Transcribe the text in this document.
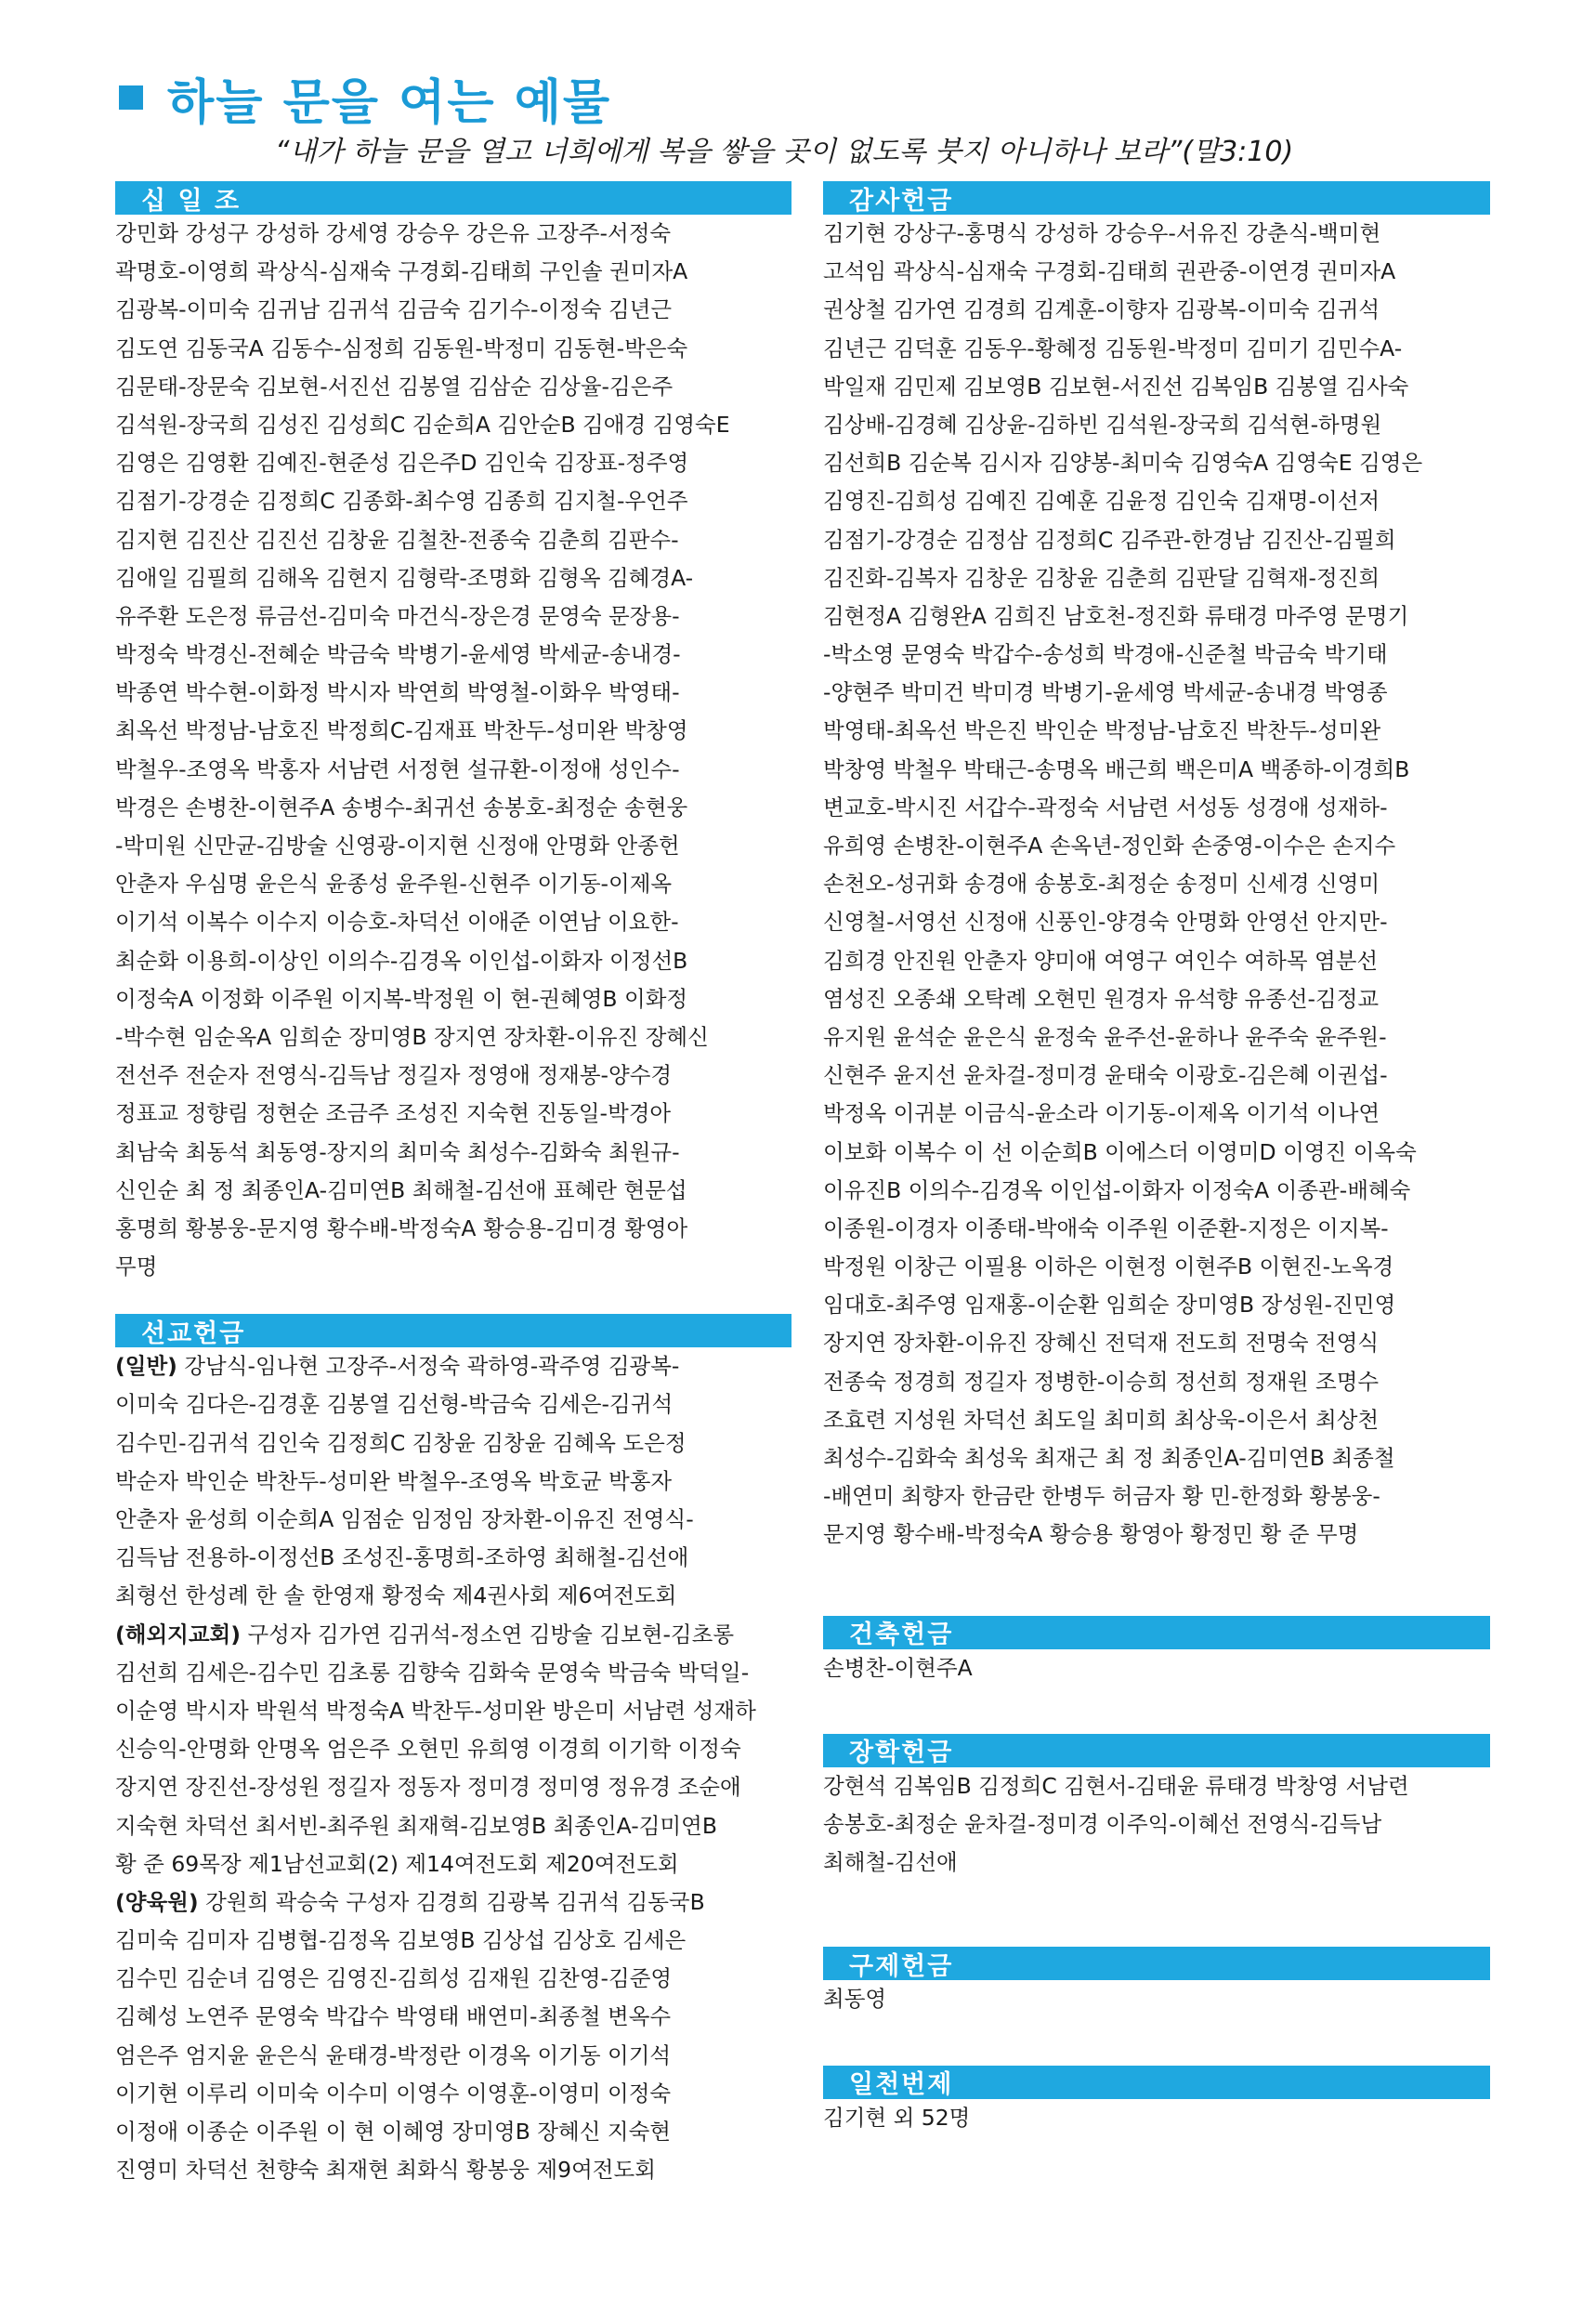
하늘 문을 여는 예물
“내가 하늘 문을 열고 너희에게 복을 쌓을 곳이 없도록 붓지 아니하나 보라”(말3:10)
십 일 조
강민화 강성구 강성하 강세영 강승우 강은유 고장주-서정숙
곽명호-이영희 곽상식-심재숙 구경회-김태희 구인솔 권미자A
김광복-이미숙 김귀남 김귀석 김금숙 김기수-이정숙 김년근
김도연 김동국A 김동수-심정희 김동원-박정미 김동현-박은숙
김문태-장문숙 김보현-서진선 김봉열 김삼순 김상율-김은주
김석원-장국희 김성진 김성희C 김순희A 김안순B 김애경 김영숙E
김영은 김영환 김예진-현준성 김은주D 김인숙 김장표-정주영
김점기-강경순 김정희C 김종화-최수영 김종희 김지철-우언주
김지현 김진산 김진선 김창윤 김철찬-전종숙 김춘희 김판수-
김애일 김필희 김해옥 김현지 김형락-조명화 김형옥 김혜경A-
유주환 도은정 류금선-김미숙 마건식-장은경 문영숙 문장용-
박정숙 박경신-전혜순 박금숙 박병기-윤세영 박세균-송내경-
박종연 박수현-이화정 박시자 박연희 박영철-이화우 박영태-
최옥선 박정남-남호진 박정희C-김재표 박찬두-성미완 박창영
박철우-조영옥 박홍자 서남련 서정현 설규환-이정애 성인수-
박경은 손병찬-이현주A 송병수-최귀선 송봉호-최정순 송현웅
-박미원 신만균-김방술 신영광-이지현 신정애 안명화 안종헌
안춘자 우심명 윤은식 윤종성 윤주원-신현주 이기동-이제옥
이기석 이복수 이수지 이승호-차덕선 이애준 이연남 이요한-
최순화 이용희-이상인 이의수-김경옥 이인섭-이화자 이정선B
이정숙A 이정화 이주원 이지복-박정원 이 현-권혜영B 이화정
-박수현 임순옥A 임희순 장미영B 장지연 장차환-이유진 장혜신
전선주 전순자 전영식-김득남 정길자 정영애 정재봉-양수경
정표교 정향림 정현순 조금주 조성진 지숙현 진동일-박경아
최남숙 최동석 최동영-장지의 최미숙 최성수-김화숙 최원규-
신인순 최 정 최종인A-김미연B 최해철-김선애 표혜란 현문섭
홍명희 황봉웅-문지영 황수배-박정숙A 황승용-김미경 황영아
무명
선교헌금
(일반) 강남식-임나현 고장주-서정숙 곽하영-곽주영 김광복-
이미숙 김다은-김경훈 김봉열 김선형-박금숙 김세은-김귀석
김수민-김귀석 김인숙 김정희C 김창윤 김창윤 김혜옥 도은정
박순자 박인순 박찬두-성미완 박철우-조영옥 박호균 박홍자
안춘자 윤성희 이순희A 임점순 임정임 장차환-이유진 전영식-
김득남 전용하-이정선B 조성진-홍명희-조하영 최해철-김선애
최형선 한성례 한 솔 한영재 황정숙 제4권사회 제6여전도회
(해외지교회) 구성자 김가연 김귀석-정소연 김방술 김보현-김초롱
김선희 김세은-김수민 김초롱 김향숙 김화숙 문영숙 박금숙 박덕일-
이순영 박시자 박원석 박정숙A 박찬두-성미완 방은미 서남련 성재하
신승익-안명화 안명옥 엄은주 오현민 유희영 이경희 이기학 이정숙
장지연 장진선-장성원 정길자 정동자 정미경 정미영 정유경 조순애
지숙현 차덕선 최서빈-최주원 최재혁-김보영B 최종인A-김미연B
황 준 69목장 제1남선교회(2) 제14여전도회 제20여전도회
(양육원) 강원희 곽승숙 구성자 김경희 김광복 김귀석 김동국B
김미숙 김미자 김병협-김정옥 김보영B 김상섭 김상호 김세은
김수민 김순녀 김영은 김영진-김희성 김재원 김찬영-김준영
김혜성 노연주 문영숙 박갑수 박영태 배연미-최종철 변옥수
엄은주 엄지윤 윤은식 윤태경-박정란 이경옥 이기동 이기석
이기현 이루리 이미숙 이수미 이영수 이영훈-이영미 이정숙
이정애 이종순 이주원 이 현 이혜영 장미영B 장혜신 지숙현
진영미 차덕선 천향숙 최재현 최화식 황봉웅 제9여전도회
감사헌금
김기현 강상구-홍명식 강성하 강승우-서유진 강춘식-백미현
고석임 곽상식-심재숙 구경회-김태희 권관중-이연경 권미자A
권상철 김가연 김경희 김계훈-이향자 김광복-이미숙 김귀석
김년근 김덕훈 김동우-황혜정 김동원-박정미 김미기 김민수A-
박일재 김민제 김보영B 김보현-서진선 김복임B 김봉열 김사숙
김상배-김경혜 김상윤-김하빈 김석원-장국희 김석현-하명원
김선희B 김순복 김시자 김양봉-최미숙 김영숙A 김영숙E 김영은
김영진-김희성 김예진 김예훈 김윤정 김인숙 김재명-이선저
김점기-강경순 김정삼 김정희C 김주관-한경남 김진산-김필희
김진화-김복자 김창운 김창윤 김춘희 김판달 김혁재-정진희
김현정A 김형완A 김희진 남호천-정진화 류태경 마주영 문명기
-박소영 문영숙 박갑수-송성희 박경애-신준철 박금숙 박기태
-양현주 박미건 박미경 박병기-윤세영 박세균-송내경 박영종
박영태-최옥선 박은진 박인순 박정남-남호진 박찬두-성미완
박창영 박철우 박태근-송명옥 배근희 백은미A 백종하-이경희B
변교호-박시진 서갑수-곽정숙 서남련 서성동 성경애 성재하-
유희영 손병찬-이현주A 손옥년-정인화 손중영-이수은 손지수
손천오-성귀화 송경애 송봉호-최정순 송정미 신세경 신영미
신영철-서영선 신정애 신풍인-양경숙 안명화 안영선 안지만-
김희경 안진원 안춘자 양미애 여영구 여인수 여하목 염분선
염성진 오종쇄 오탁례 오현민 원경자 유석향 유종선-김정교
유지원 윤석순 윤은식 윤정숙 윤주선-윤하나 윤주숙 윤주원-
신현주 윤지선 윤차걸-정미경 윤태숙 이광호-김은혜 이권섭-
박정옥 이귀분 이금식-윤소라 이기동-이제옥 이기석 이나연
이보화 이복수 이 선 이순희B 이에스더 이영미D 이영진 이옥숙
이유진B 이의수-김경옥 이인섭-이화자 이정숙A 이종관-배혜숙
이종원-이경자 이종태-박애숙 이주원 이준환-지정은 이지복-
박정원 이창근 이필용 이하은 이현정 이현주B 이현진-노옥경
임대호-최주영 임재홍-이순환 임희순 장미영B 장성원-진민영
장지연 장차환-이유진 장혜신 전덕재 전도희 전명숙 전영식
전종숙 정경희 정길자 정병한-이승희 정선희 정재원 조명수
조효련 지성원 차덕선 최도일 최미희 최상욱-이은서 최상천
최성수-김화숙 최성욱 최재근 최 정 최종인A-김미연B 최종철
-배연미 최향자 한금란 한병두 허금자 황 민-한정화 황봉웅-
문지영 황수배-박정숙A 황승용 황영아 황정민 황 준 무명
건축헌금
손병찬-이현주A
장학헌금
강현석 김복임B 김정희C 김현서-김태윤 류태경 박창영 서남련
송봉호-최정순 윤차걸-정미경 이주익-이혜선 전영식-김득남
최해철-김선애
구제헌금
최동영
일천번제
김기현 외 52명
